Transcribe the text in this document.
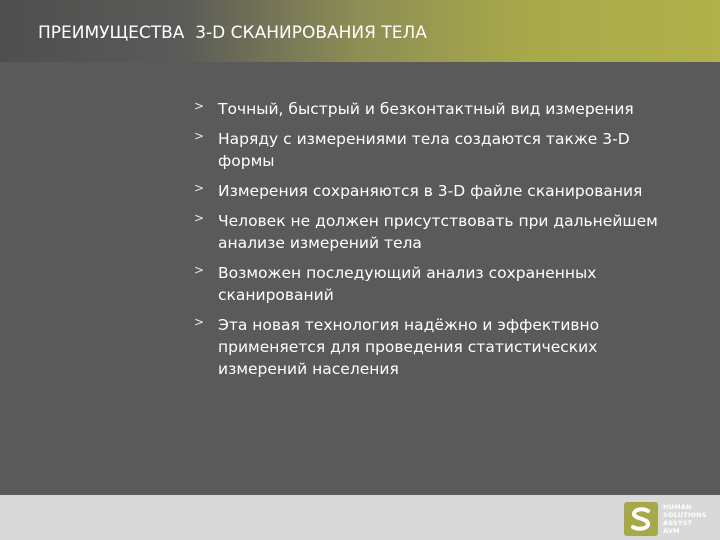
ПРЕИМУЩЕСТВА  3-D СКАНИРОВАНИЯ ТЕЛА
> Точный, быстрый и безконтактный вид измерения
> Наряду с измерениями тела создаются также 3-D формы
> Измерения сохраняются в 3-D файле сканирования
> Человек не должен присутствовать при дальнейшем анализе измерений тела
> Возможен последующий анализ сохраненных сканирований
> Эта новая технология надёжно и эффективно применяется для проведения статистических измерений населения
HUMAN
SOLUTIONS
ASSYST
AVM
